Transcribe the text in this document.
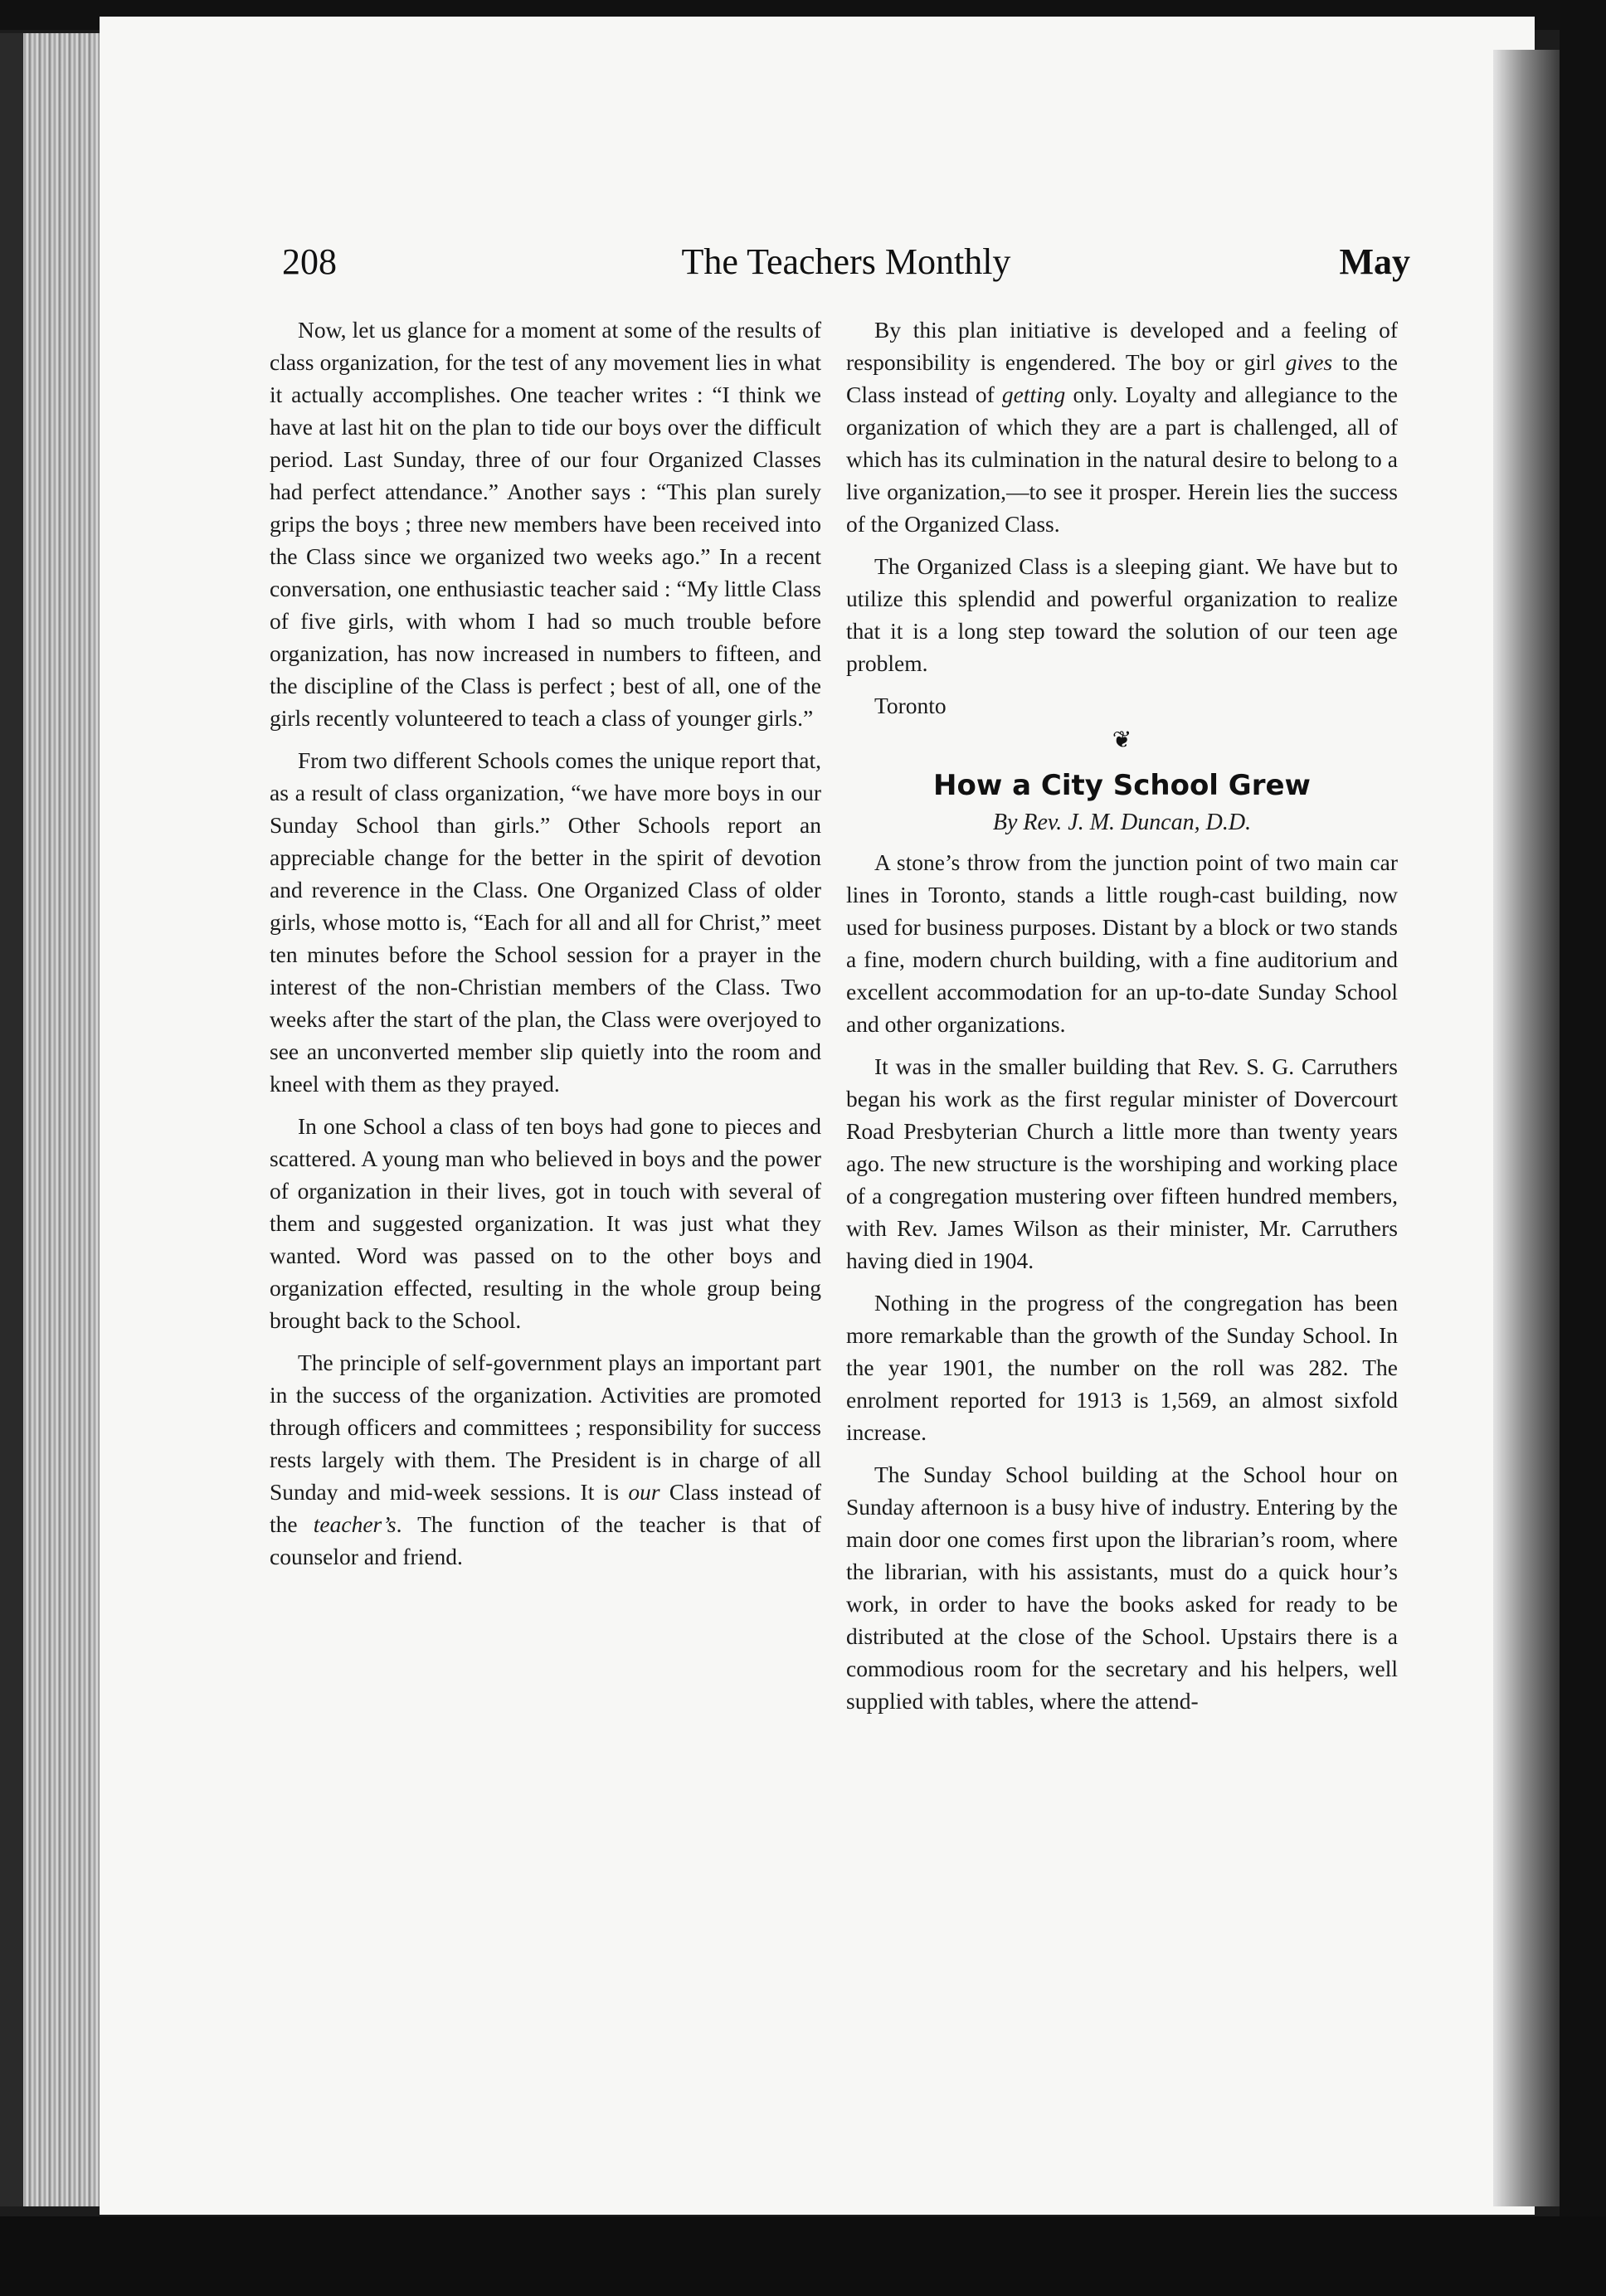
208	The Teachers Monthly	May

Now, let us glance for a moment at some of the results of class organization, for the test of any movement lies in what it actually accomplishes. One teacher writes : “I think we have at last hit on the plan to tide our boys over the difficult period. Last Sunday, three of our four Organized Classes had perfect attendance.” Another says : “This plan surely grips the boys ; three new members have been received into the Class since we organized two weeks ago.” In a recent conversation, one enthusiastic teacher said : “My little Class of five girls, with whom I had so much trouble before organization, has now increased in numbers to fifteen, and the discipline of the Class is perfect ; best of all, one of the girls recently volunteered to teach a class of younger girls.”

From two different Schools comes the unique report that, as a result of class organization, “we have more boys in our Sunday School than girls.” Other Schools report an appreciable change for the better in the spirit of devotion and reverence in the Class. One Organized Class of older girls, whose motto is, “Each for all and all for Christ,” meet ten minutes before the School session for a prayer in the interest of the non-Christian members of the Class. Two weeks after the start of the plan, the Class were overjoyed to see an unconverted member slip quietly into the room and kneel with them as they prayed.

In one School a class of ten boys had gone to pieces and scattered. A young man who believed in boys and the power of organization in their lives, got in touch with several of them and suggested organization. It was just what they wanted. Word was passed on to the other boys and organization effected, resulting in the whole group being brought back to the School.

The principle of self-government plays an important part in the success of the organization. Activities are promoted through officers and committees ; responsibility for success rests largely with them. The President is in charge of all Sunday and mid-week sessions. It is our Class instead of the teacher’s. The function of the teacher is that of counselor and friend.

By this plan initiative is developed and a feeling of responsibility is engendered. The boy or girl gives to the Class instead of getting only. Loyalty and allegiance to the organization of which they are a part is challenged, all of which has its culmination in the natural desire to belong to a live organization,—to see it prosper. Herein lies the success of the Organized Class.

The Organized Class is a sleeping giant. We have but to utilize this splendid and powerful organization to realize that it is a long step toward the solution of our teen age problem.

Toronto

❦
How a City School Grew
By Rev. J. M. Duncan, D.D.

A stone’s throw from the junction point of two main car lines in Toronto, stands a little rough-cast building, now used for business purposes. Distant by a block or two stands a fine, modern church building, with a fine auditorium and excellent accommodation for an up-to-date Sunday School and other organizations.

It was in the smaller building that Rev. S. G. Carruthers began his work as the first regular minister of Dovercourt Road Presbyterian Church a little more than twenty years ago. The new structure is the worshiping and working place of a congregation mustering over fifteen hundred members, with Rev. James Wilson as their minister, Mr. Carruthers having died in 1904.

Nothing in the progress of the congregation has been more remarkable than the growth of the Sunday School. In the year 1901, the number on the roll was 282. The enrolment reported for 1913 is 1,569, an almost sixfold increase.

The Sunday School building at the School hour on Sunday afternoon is a busy hive of industry. Entering by the main door one comes first upon the librarian’s room, where the librarian, with his assistants, must do a quick hour’s work, in order to have the books asked for ready to be distributed at the close of the School. Upstairs there is a commodious room for the secretary and his helpers, well supplied with tables, where the attend-
